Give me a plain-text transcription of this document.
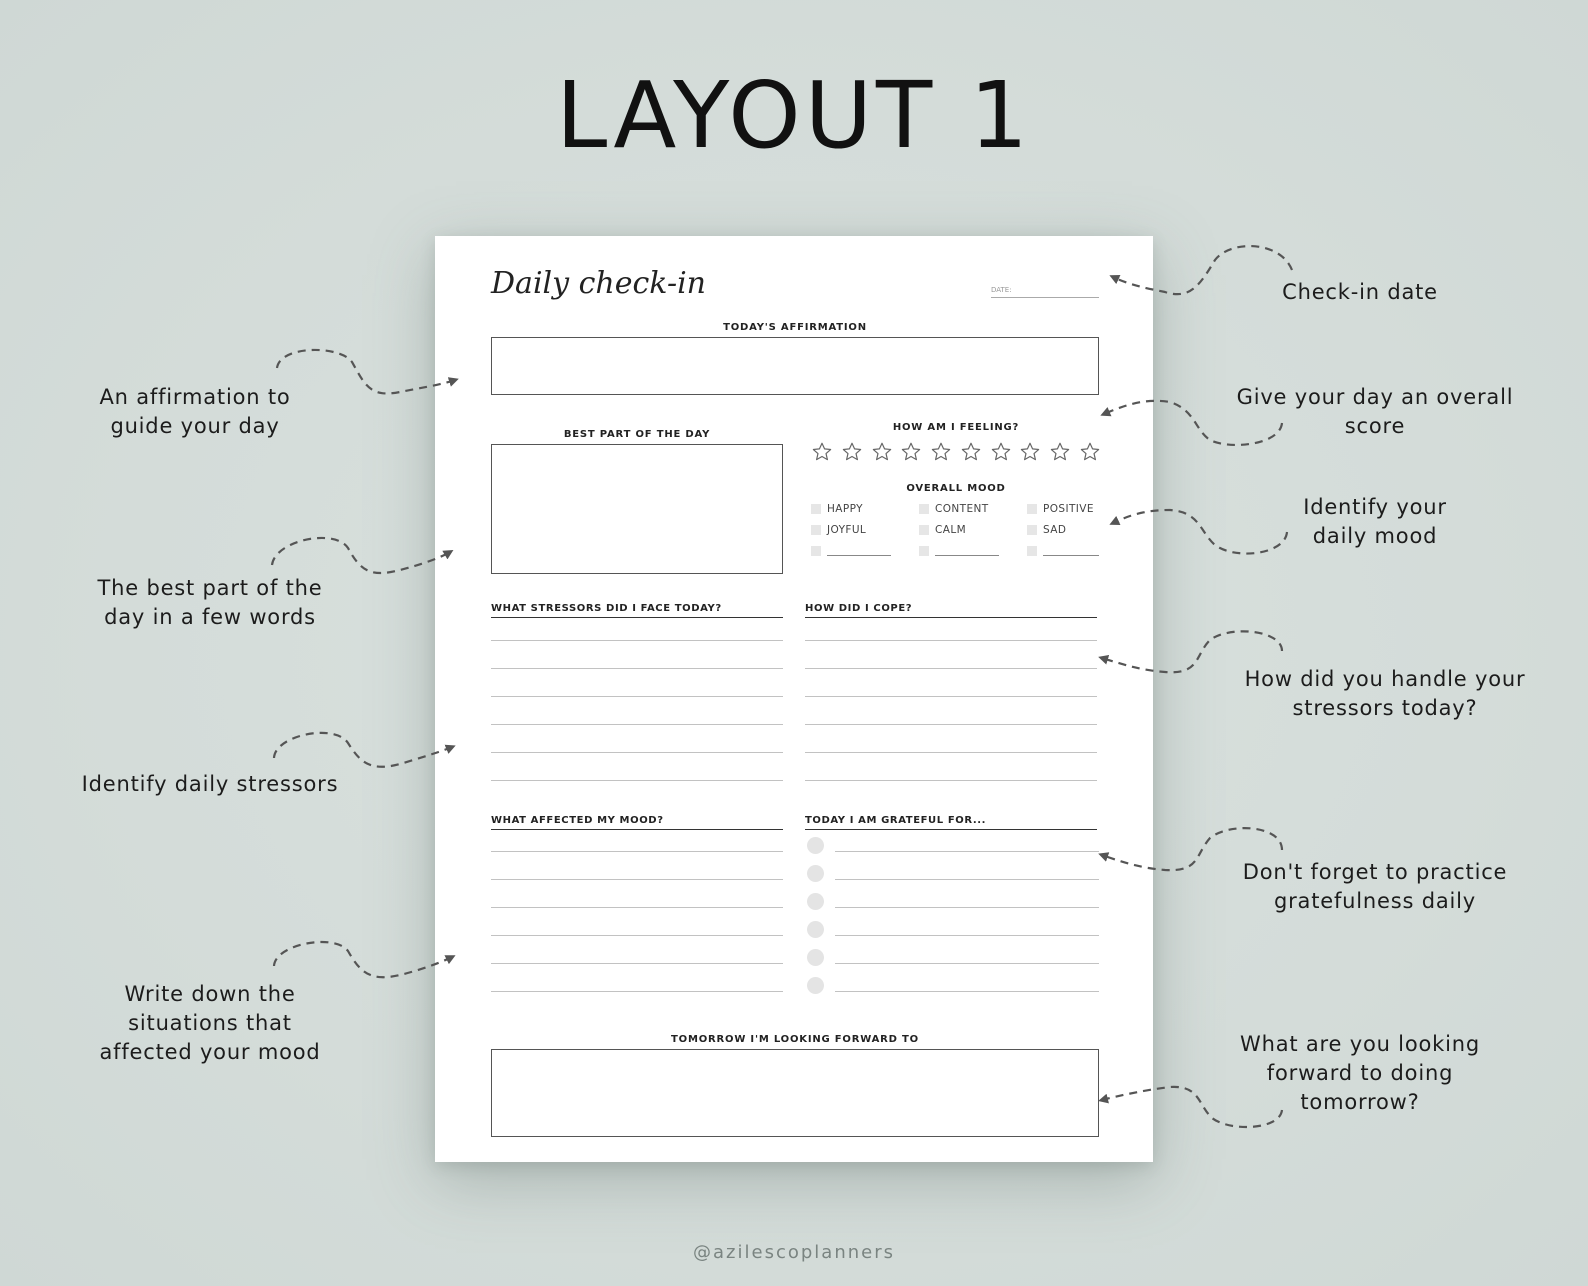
LAYOUT 1
Daily check-in	DATE:
TODAY'S AFFIRMATION
BEST PART OF THE DAY
HOW AM I FEELING?
OVERALL MOOD
HAPPY	CONTENT	POSITIVE
JOYFUL	CALM	SAD
WHAT STRESSORS DID I FACE TODAY?	HOW DID I COPE?
WHAT AFFECTED MY MOOD?	TODAY I AM GRATEFUL FOR...
TOMORROW I'M LOOKING FORWARD TO
Check-in date
An affirmation to
guide your day
Give your day an overall
score
Identify your
daily mood
The best part of the
day in a few words
How did you handle your
stressors today?
Identify daily stressors
Don't forget to practice
gratefulness daily
Write down the
situations that
affected your mood	What are you looking
forward to doing
tomorrow?
@azilescoplanners
